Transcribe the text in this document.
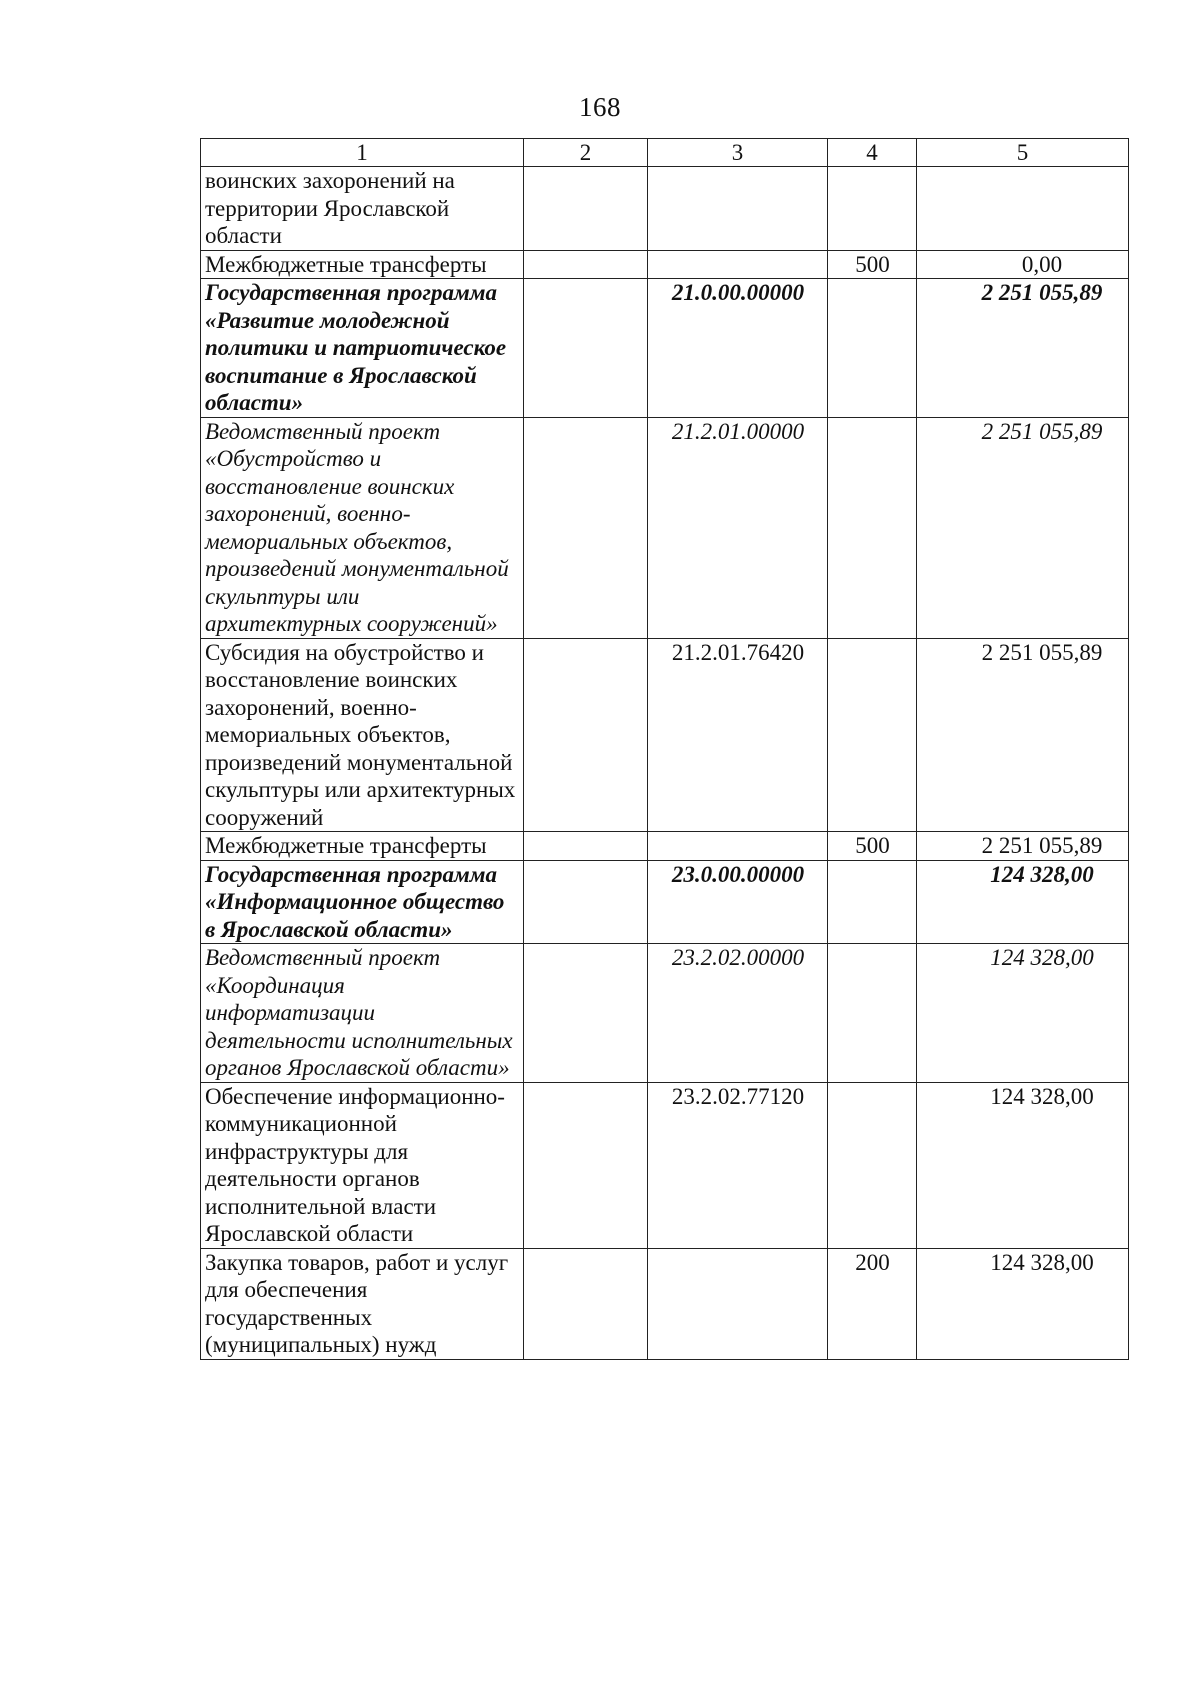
168
1	2	3	4	5
воинских захоронений на территории Ярославской области				
Межбюджетные трансферты			500	0,00
Государственная программа «Развитие молодежной политики и патриотическое воспитание в Ярославской области»		21.0.00.00000		2 251 055,89
Ведомственный проект «Обустройство и восстановление воинских захоронений, военно-мемориальных объектов, произведений монументальной скульптуры или архитектурных сооружений»		21.2.01.00000		2 251 055,89
Субсидия на обустройство и восстановление воинских захоронений, военно-мемориальных объектов, произведений монументальной скульптуры или архитектурных сооружений		21.2.01.76420		2 251 055,89
Межбюджетные трансферты			500	2 251 055,89
Государственная программа «Информационное общество в Ярославской области»		23.0.00.00000		124 328,00
Ведомственный проект «Координация информатизации деятельности исполнительных органов Ярославской области»		23.2.02.00000		124 328,00
Обеспечение информационно-коммуникационной инфраструктуры для деятельности органов исполнительной власти Ярославской области		23.2.02.77120		124 328,00
Закупка товаров, работ и услуг для обеспечения государственных (муниципальных) нужд			200	124 328,00
